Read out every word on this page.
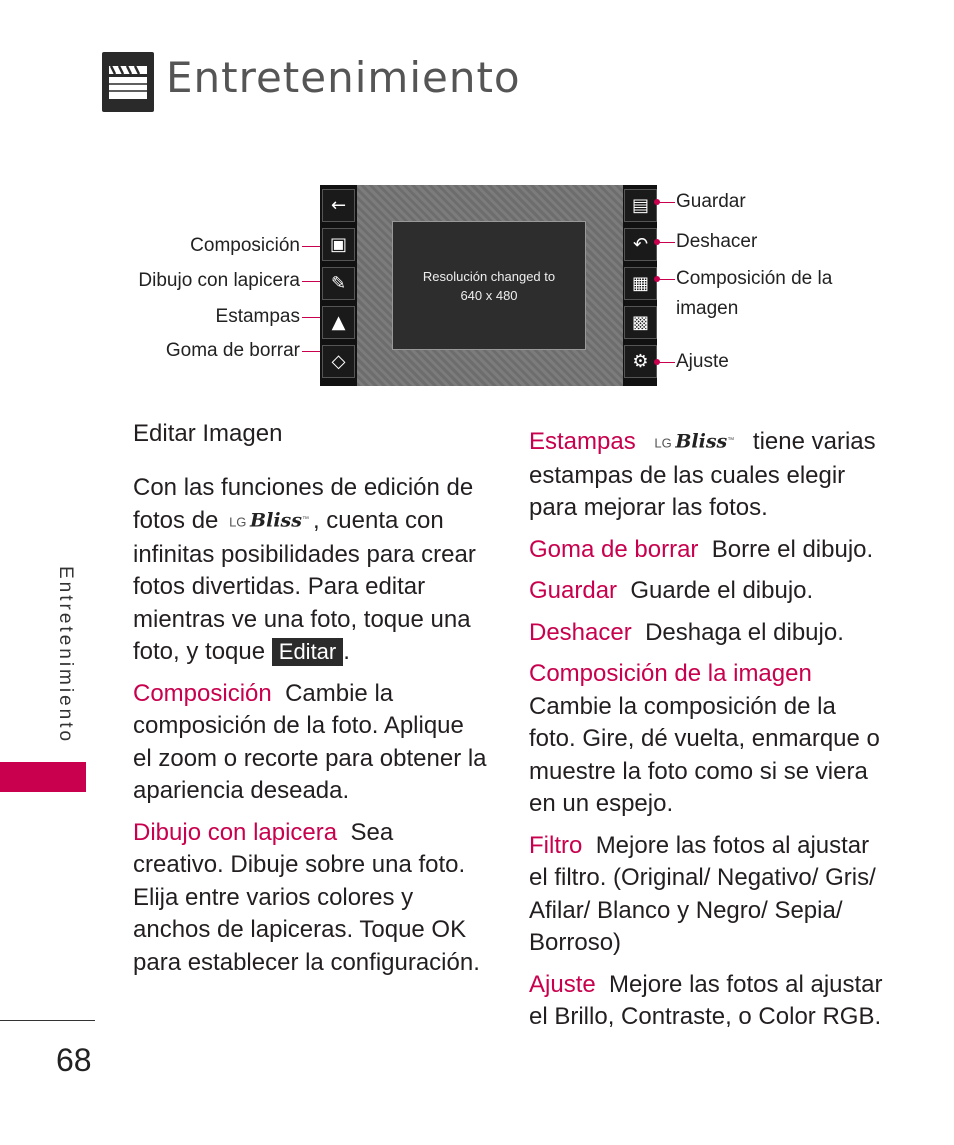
Entretenimiento
Entretenimiento
68
Resolución changed to
640 x 480
←
▣
✎
▲
◇
▤
↶
▦
▩
⚙
Composición
Dibujo con lapicera
Estampas
Goma de borrar
Guardar
Deshacer
Composición de la
imagen
Ajuste

Editar Imagen

Con las funciones de edición de fotos de LG Bliss™ , cuenta con infinitas posibilidades para crear fotos divertidas. Para editar mientras ve una foto, toque una foto, y toque Editar .

Composición Cambie la composición de la foto. Aplique el zoom o recorte para obtener la apariencia deseada.

Dibujo con lapicera Sea creativo. Dibuje sobre una foto. Elija entre varios colores y anchos de lapiceras. Toque OK para establecer la configuración.

Estampas LG Bliss™ tiene varias estampas de las cuales elegir para mejorar las fotos.

Goma de borrar Borre el dibujo.

Guardar Guarde el dibujo.

Deshacer Deshaga el dibujo.

Composición de la imagen
Cambie la composición de la foto. Gire, dé vuelta, enmarque o muestre la foto como si se viera en un espejo.

Filtro Mejore las fotos al ajustar el filtro. (Original/ Negativo/ Gris/ Afilar/ Blanco y Negro/ Sepia/ Borroso)

Ajuste Mejore las fotos al ajustar el Brillo, Contraste, o Color RGB.
